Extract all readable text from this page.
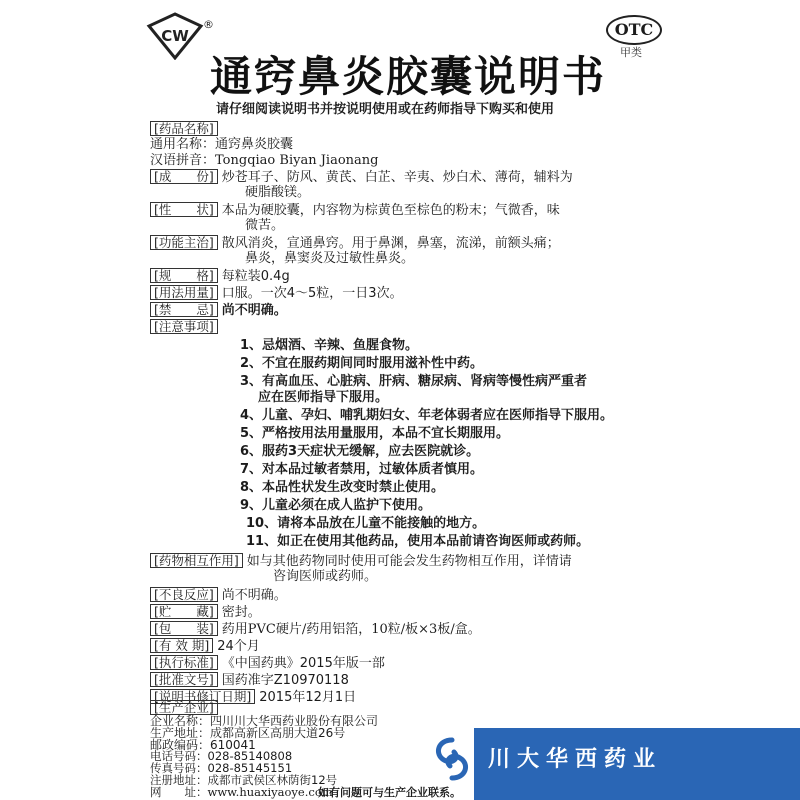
CW
®	OTC
甲类
通窍鼻炎胶囊说明书
请仔细阅读说明书并按说明使用或在药师指导下购买和使用
[药品名称]
通用名称：通窍鼻炎胶囊
汉语拼音：Tongqiao Biyan Jiaonang
[成　　份] 炒苍耳子、防风、黄芪、白芷、辛夷、炒白术、薄荷，辅料为
硬脂酸镁。
[性　　状] 本品为硬胶囊，内容物为棕黄色至棕色的粉末；气微香，味
微苦。
[功能主治] 散风消炎，宣通鼻窍。用于鼻渊，鼻塞，流涕，前额头痛；
鼻炎，鼻窦炎及过敏性鼻炎。
[规　　格] 每粒装0.4g
[用法用量] 口服。一次4～5粒，一日3次。
[禁　　忌] 尚不明确。
[注意事项]
1、忌烟酒、辛辣、鱼腥食物。
2、不宜在服药期间同时服用滋补性中药。
3、有高血压、心脏病、肝病、糖尿病、肾病等慢性病严重者
应在医师指导下服用。
4、儿童、孕妇、哺乳期妇女、年老体弱者应在医师指导下服用。
5、严格按用法用量服用，本品不宜长期服用。
6、服药3天症状无缓解，应去医院就诊。
7、对本品过敏者禁用，过敏体质者慎用。
8、本品性状发生改变时禁止使用。
9、儿童必须在成人监护下使用。
10、请将本品放在儿童不能接触的地方。
11、如正在使用其他药品，使用本品前请咨询医师或药师。
[药物相互作用] 如与其他药物同时使用可能会发生药物相互作用，详情请
咨询医师或药师。
[不良反应] 尚不明确。
[贮　　藏] 密封。
[包　　装] 药用PVC硬片/药用铝箔，10粒/板×3板/盒。
[有 效 期] 24个月
[执行标准] 《中国药典》2015年版一部
[批准文号] 国药准字Z10970118
[说明书修订日期] 2015年12月1日
[生产企业]
企业名称：四川川大华西药业股份有限公司
生产地址：成都高新区高朋大道26号
邮政编码：610041
川大华西药业
电话号码：028-85140808
传真号码：028-85145151
注册地址：成都市武侯区林荫街12号
网　　址：www.huaxiyaoye.com
如有问题可与生产企业联系。
